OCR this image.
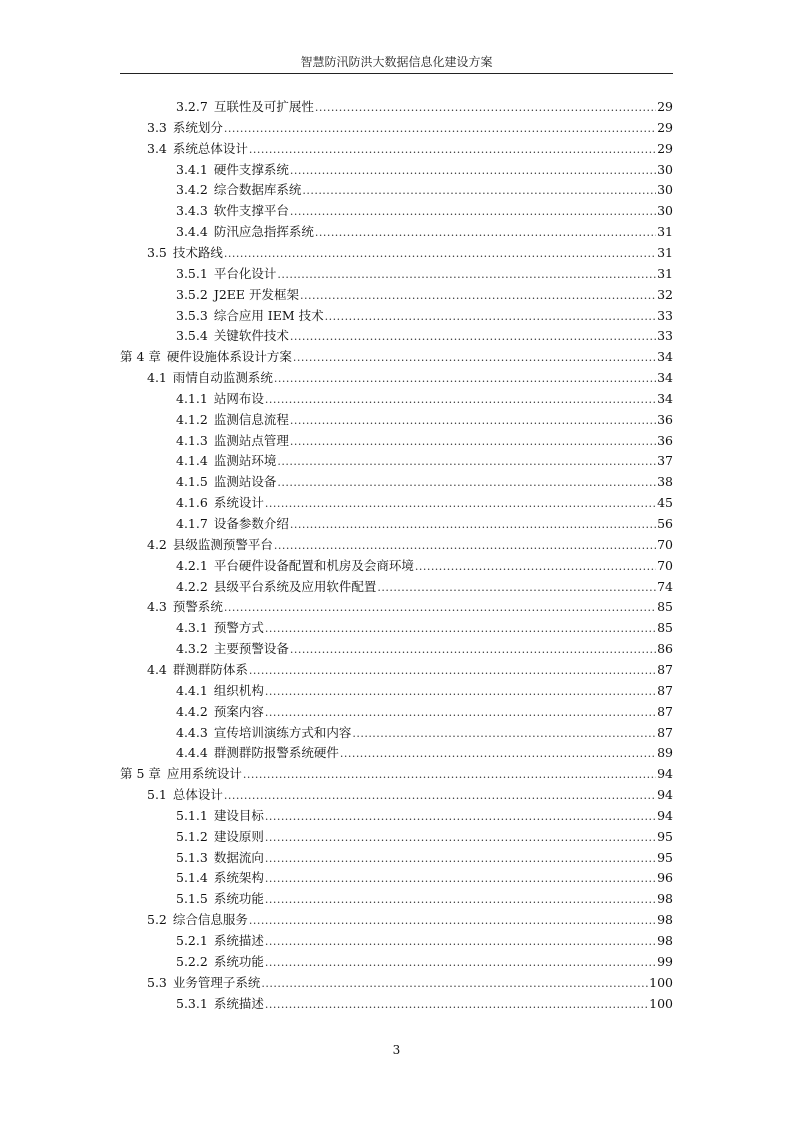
智慧防汛防洪大数据信息化建设方案
3.2.7 互联性及可扩展性 .....	29
3.3 系统划分 .....	29
3.4 系统总体设计 .....	29
3.4.1 硬件支撑系统 .....	30
3.4.2 综合数据库系统 .....	30
3.4.3 软件支撑平台 .....	30
3.4.4 防汛应急指挥系统 .....	31
3.5 技术路线 .....	31
3.5.1 平台化设计 .....	31
3.5.2 J2EE 开发框架 .....	32
3.5.3 综合应用 IEM 技术 .....	33
3.5.4 关键软件技术 .....	33
第 4 章 硬件设施体系设计方案 .....	34
4.1 雨情自动监测系统 .....	34
4.1.1 站网布设 .....	34
4.1.2 监测信息流程 .....	36
4.1.3 监测站点管理 .....	36
4.1.4 监测站环境 .....	37
4.1.5 监测站设备 .....	38
4.1.6 系统设计 .....	45
4.1.7 设备参数介绍 .....	56
4.2 县级监测预警平台 .....	70
4.2.1 平台硬件设备配置和机房及会商环境 .....	70
4.2.2 县级平台系统及应用软件配置 .....	74
4.3 预警系统 .....	85
4.3.1 预警方式 .....	85
4.3.2 主要预警设备 .....	86
4.4 群测群防体系 .....	87
4.4.1 组织机构 .....	87
4.4.2 预案内容 .....	87
4.4.3 宣传培训演练方式和内容 .....	87
4.4.4 群测群防报警系统硬件 .....	89
第 5 章 应用系统设计 .....	94
5.1 总体设计 .....	94
5.1.1 建设目标 .....	94
5.1.2 建设原则 .....	95
5.1.3 数据流向 .....	95
5.1.4 系统架构 .....	96
5.1.5 系统功能 .....	98
5.2 综合信息服务 .....	98
5.2.1 系统描述 .....	98
5.2.2 系统功能 .....	99
5.3 业务管理子系统 .....	100
5.3.1 系统描述 .....	100
3
